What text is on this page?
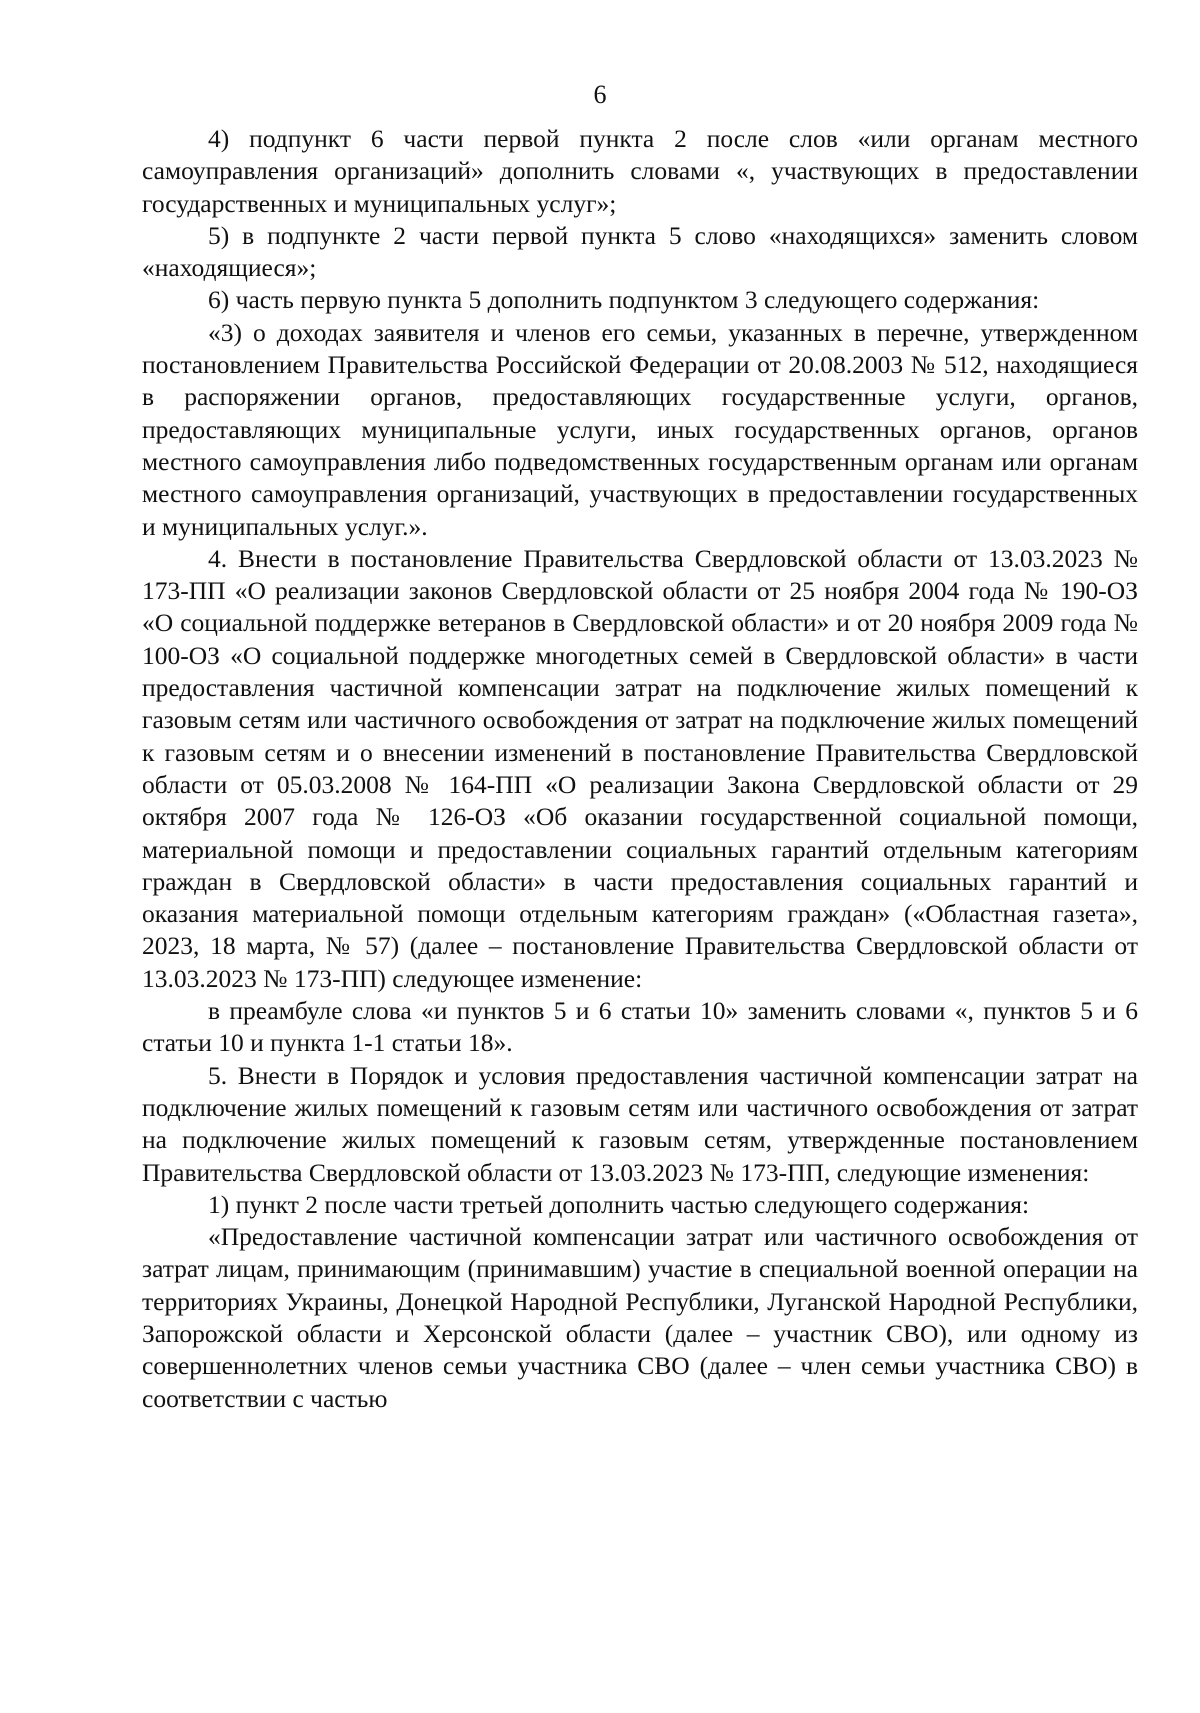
6

4) подпункт 6 части первой пункта 2 после слов «или органам местного самоуправления организаций» дополнить словами «, участвующих в предоставлении государственных и муниципальных услуг»;

5) в подпункте 2 части первой пункта 5 слово «находящихся» заменить словом «находящиеся»;

6) часть первую пункта 5 дополнить подпунктом 3 следующего содержания:

«3) о доходах заявителя и членов его семьи, указанных в перечне, утвержденном постановлением Правительства Российской Федерации от 20.08.2003 № 512, находящиеся в распоряжении органов, предоставляющих государственные услуги, органов, предоставляющих муниципальные услуги, иных государственных органов, органов местного самоуправления либо подведомственных государственным органам или органам местного самоуправления организаций, участвующих в предоставлении государственных и муниципальных услуг.».

4. Внести в постановление Правительства Свердловской области от 13.03.2023 № 173-ПП «О реализации законов Свердловской области от 25 ноября 2004 года № 190-ОЗ «О социальной поддержке ветеранов в Свердловской области» и от 20 ноября 2009 года № 100-ОЗ «О социальной поддержке многодетных семей в Свердловской области» в части предоставления частичной компенсации затрат на подключение жилых помещений к газовым сетям или частичного освобождения от затрат на подключение жилых помещений к газовым сетям и о внесении изменений в постановление Правительства Свердловской области от 05.03.2008 № 164-ПП «О реализации Закона Свердловской области от 29 октября 2007 года № 126-ОЗ «Об оказании государственной социальной помощи, материальной помощи и предоставлении социальных гарантий отдельным категориям граждан в Свердловской области» в части предоставления социальных гарантий и оказания материальной помощи отдельным категориям граждан» («Областная газета», 2023, 18 марта, № 57) (далее – постановление Правительства Свердловской области от 13.03.2023 № 173-ПП) следующее изменение:

в преамбуле слова «и пунктов 5 и 6 статьи 10» заменить словами «, пунктов 5 и 6 статьи 10 и пункта 1-1 статьи 18».

5. Внести в Порядок и условия предоставления частичной компенсации затрат на подключение жилых помещений к газовым сетям или частичного освобождения от затрат на подключение жилых помещений к газовым сетям, утвержденные постановлением Правительства Свердловской области от 13.03.2023 № 173-ПП, следующие изменения:

1) пункт 2 после части третьей дополнить частью следующего содержания:

«Предоставление частичной компенсации затрат или частичного освобождения от затрат лицам, принимающим (принимавшим) участие в специальной военной операции на территориях Украины, Донецкой Народной Республики, Луганской Народной Республики, Запорожской области и Херсонской области (далее – участник СВО), или одному из совершеннолетних членов семьи участника СВО (далее – член семьи участника СВО) в соответствии с частью
